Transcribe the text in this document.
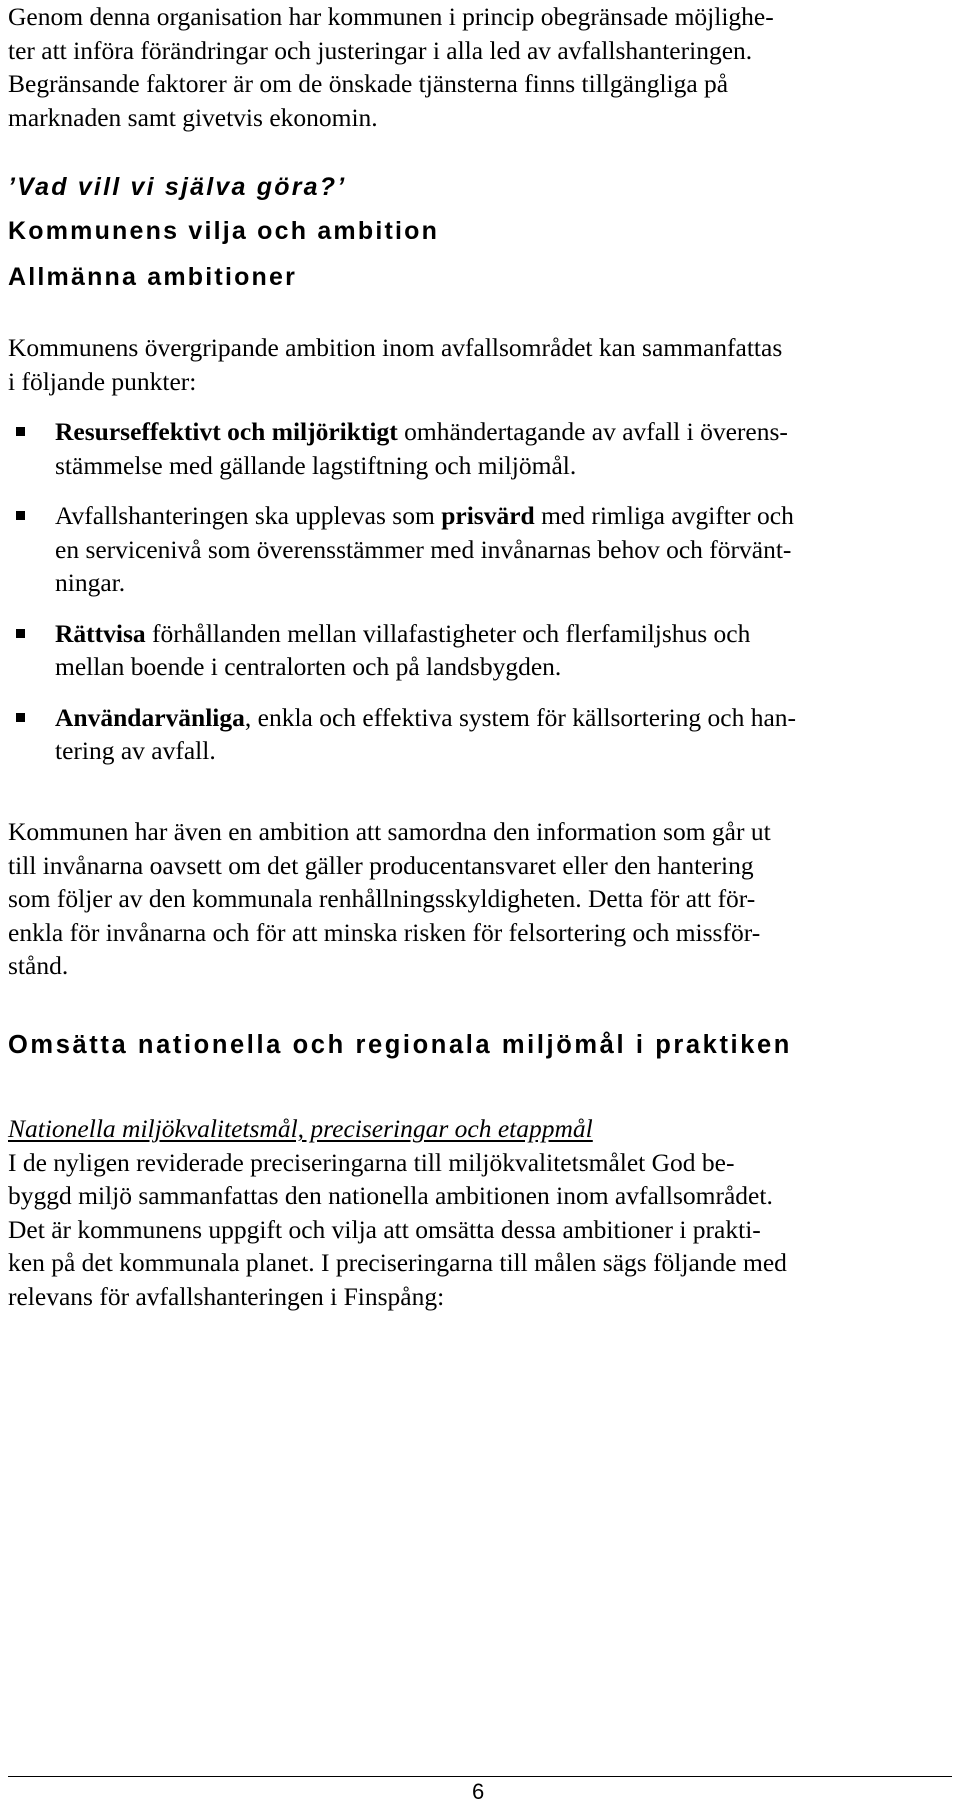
Genom denna organisation har kommunen i princip obegränsade möjlighe-

ter att införa förändringar och justeringar i alla led av avfallshanteringen.

Begränsande faktorer är om de önskade tjänsterna finns tillgängliga på

marknaden samt givetvis ekonomin.

’Vad vill vi själva göra?’
Kommunens vilja och ambition
Allmänna ambitioner

Kommunens övergripande ambition inom avfallsområdet kan sammanfattas

i följande punkter:

Resurseffektivt och miljöriktigt omhändertagande av avfall i överens-
stämmelse med gällande lagstiftning och miljömål.
Avfallshanteringen ska upplevas som prisvärd med rimliga avgifter och
en servicenivå som överensstämmer med invånarnas behov och förvänt-
ningar.
Rättvisa förhållanden mellan villafastigheter och flerfamiljshus och
mellan boende i centralorten och på landsbygden.
Användarvänliga, enkla och effektiva system för källsortering och han-
tering av avfall.

Kommunen har även en ambition att samordna den information som går ut

till invånarna oavsett om det gäller producentansvaret eller den hantering

som följer av den kommunala renhållningsskyldigheten. Detta för att för-

enkla för invånarna och för att minska risken för felsortering och missför-

stånd.

Omsätta nationella och regionala miljömål i praktiken

Nationella miljökvalitetsmål, preciseringar och etappmål

I de nyligen reviderade preciseringarna till miljökvalitetsmålet God be-

byggd miljö sammanfattas den nationella ambitionen inom avfallsområdet.

Det är kommunens uppgift och vilja att omsätta dessa ambitioner i prakti-

ken på det kommunala planet. I preciseringarna till målen sägs följande med

relevans för avfallshanteringen i Finspång:

6
